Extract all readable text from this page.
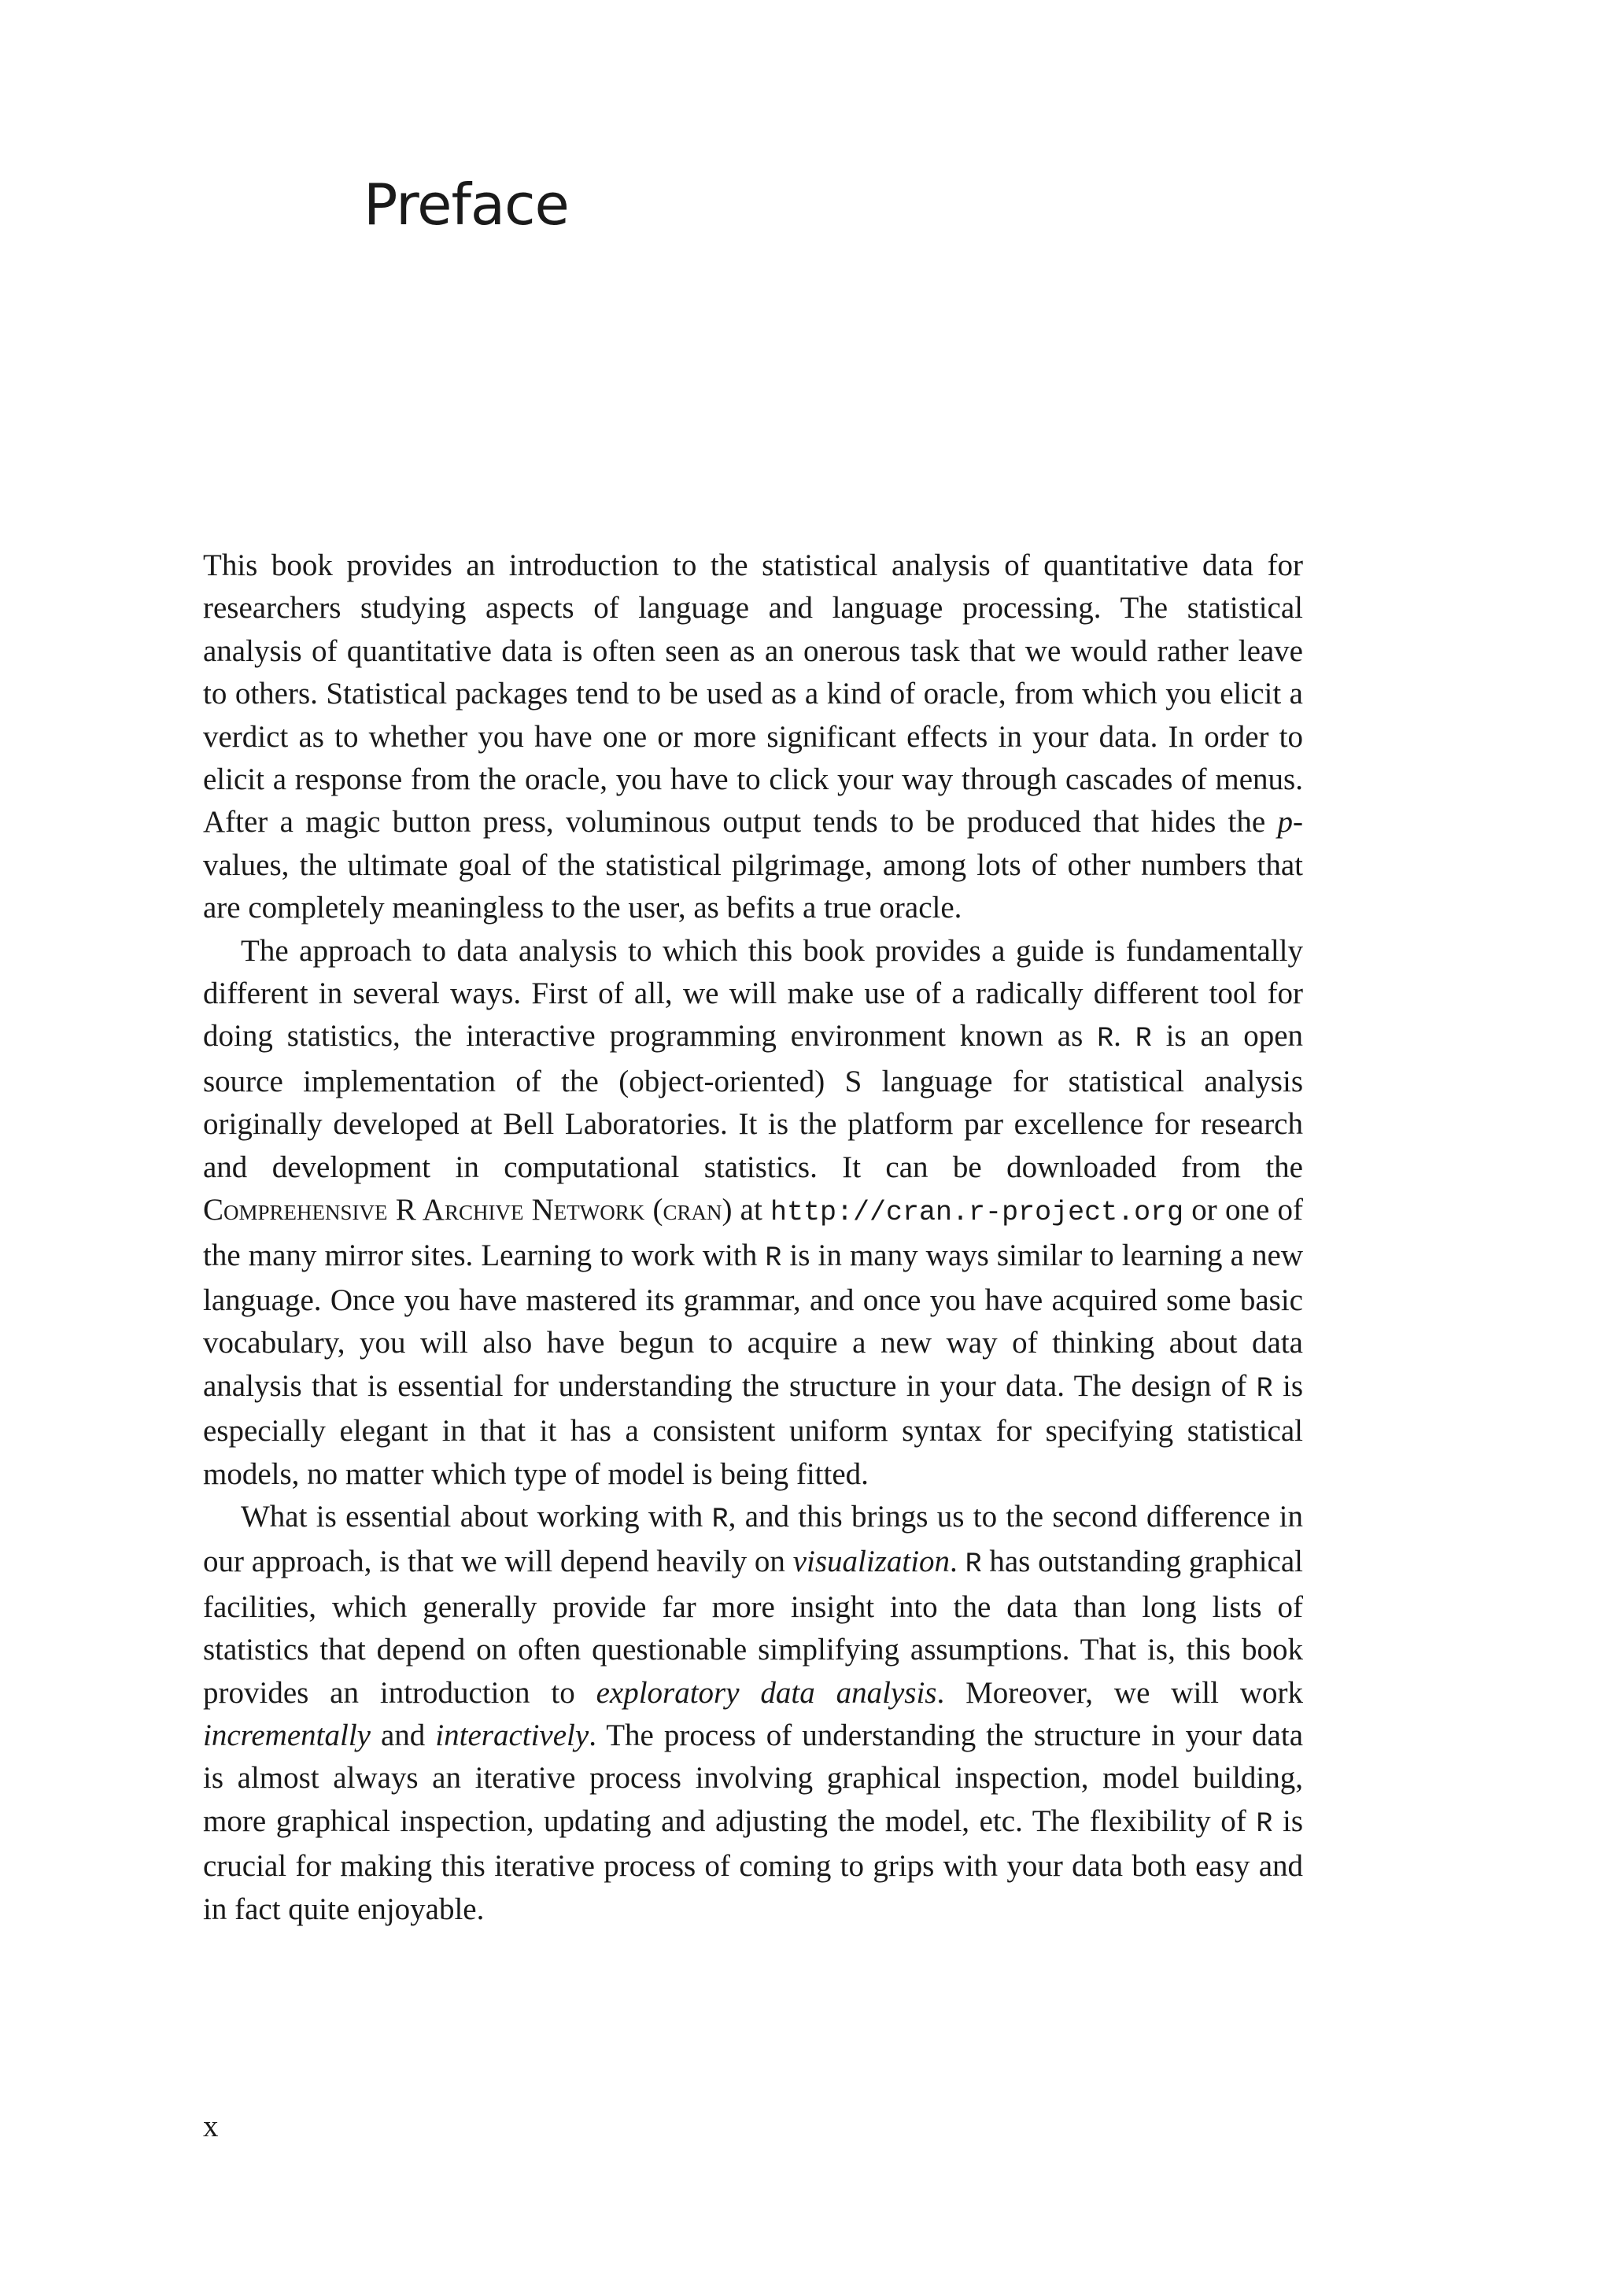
Preface

This book provides an introduction to the statistical analysis of quantitative data for researchers studying aspects of language and language processing. The statistical analysis of quantitative data is often seen as an onerous task that we would rather leave to others. Statistical packages tend to be used as a kind of oracle, from which you elicit a verdict as to whether you have one or more significant effects in your data. In order to elicit a response from the oracle, you have to click your way through cascades of menus. After a magic button press, voluminous output tends to be produced that hides the p-values, the ultimate goal of the statistical pilgrimage, among lots of other numbers that are completely meaningless to the user, as befits a true oracle.

The approach to data analysis to which this book provides a guide is fundamentally different in several ways. First of all, we will make use of a radically different tool for doing statistics, the interactive programming environment known as R. R is an open source implementation of the (object-oriented) S language for statistical analysis originally developed at Bell Laboratories. It is the platform par excellence for research and development in computational statistics. It can be downloaded from the Comprehensive R Archive Network (cran) at http://cran.r-project.org or one of the many mirror sites. Learning to work with R is in many ways similar to learning a new language. Once you have mastered its grammar, and once you have acquired some basic vocabulary, you will also have begun to acquire a new way of thinking about data analysis that is essential for understanding the structure in your data. The design of R is especially elegant in that it has a consistent uniform syntax for specifying statistical models, no matter which type of model is being fitted.

What is essential about working with R, and this brings us to the second difference in our approach, is that we will depend heavily on visualization. R has outstanding graphical facilities, which generally provide far more insight into the data than long lists of statistics that depend on often questionable simplifying assumptions. That is, this book provides an introduction to exploratory data analysis. Moreover, we will work incrementally and interactively. The process of understanding the structure in your data is almost always an iterative process involving graphical inspection, model building, more graphical inspection, updating and adjusting the model, etc. The flexibility of R is crucial for making this iterative process of coming to grips with your data both easy and in fact quite enjoyable.

x
